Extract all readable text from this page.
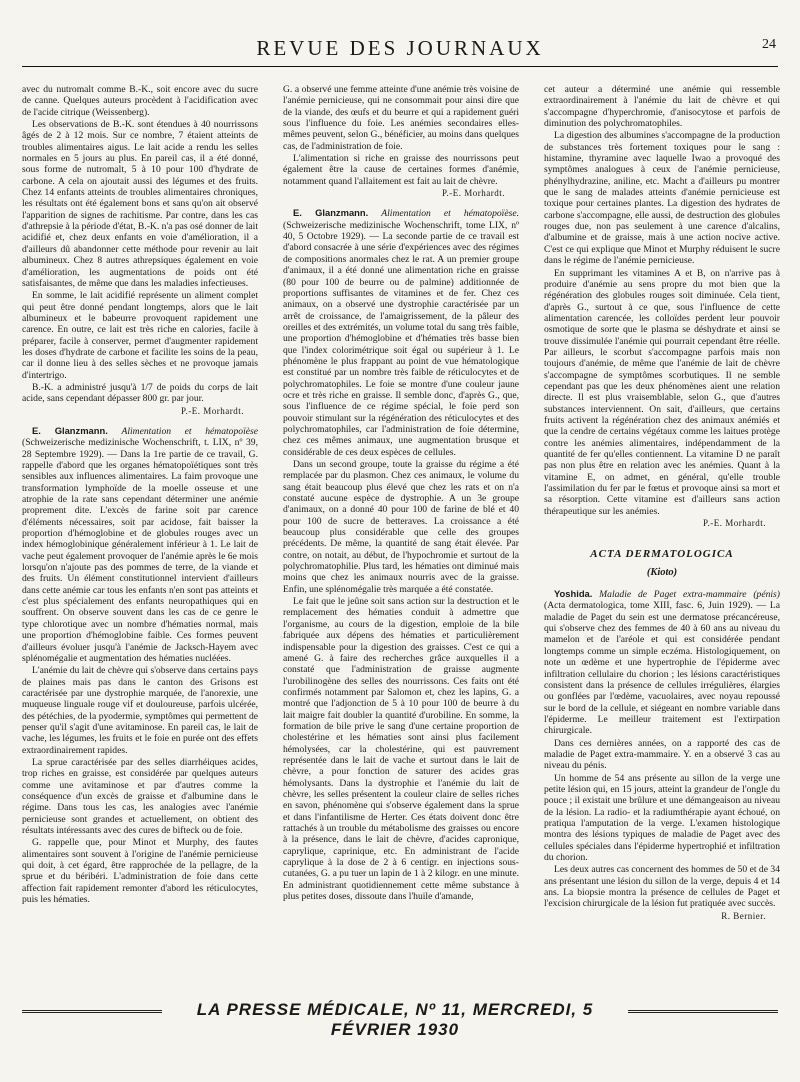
REVUE DES JOURNAUX	24

avec du nutromalt comme B.-K., soit encore avec du sucre de canne. Quelques auteurs procèdent à l'acidification avec de l'acide citrique (Weissenberg).

Les observations de B.-K. sont étendues à 40 nourrissons âgés de 2 à 12 mois. Sur ce nombre, 7 étaient atteints de troubles alimentaires aigus. Le lait acide a rendu les selles normales en 5 jours au plus. En pareil cas, il a été donné, sous forme de nutromalt, 5 à 10 pour 100 d'hydrate de carbone. A cela on ajoutait aussi des légumes et des fruits. Chez 14 enfants atteints de troubles alimentaires chroniques, les résultats ont été également bons et sans qu'on ait observé l'apparition de signes de rachitisme. Par contre, dans les cas d'athrepsie à la période d'état, B.-K. n'a pas osé donner de lait acidifié et, chez deux enfants en voie d'amélioration, il a d'ailleurs dû abandonner cette méthode pour revenir au lait albumineux. Chez 8 autres athrepsiques également en voie d'amélioration, les augmentations de poids ont été satisfaisantes, de même que dans les maladies infectieuses.

En somme, le lait acidifié représente un aliment complet qui peut être donné pendant longtemps, alors que le lait albumineux et le babeurre provoquent rapidement une carence. En outre, ce lait est très riche en calories, facile à préparer, facile à conserver, permet d'augmenter rapidement les doses d'hydrate de carbone et facilite les soins de la peau, car il donne lieu à des selles sèches et ne provoque jamais d'intertrigo.

B.-K. a administré jusqu'à 1/7 de poids du corps de lait acide, sans cependant dépasser 800 gr. par jour.

P.-E. Morhardt.

E. Glanzmann. Alimentation et hématopoïèse (Schweizerische medizinische Wochenschrift, t. LIX, nº 39, 28 Septembre 1929). — Dans la 1re partie de ce travail, G. rappelle d'abord que les organes hématopoïétiques sont très sensibles aux influences alimentaires. La faim provoque une transformation lymphoïde de la moelle osseuse et une atrophie de la rate sans cependant déterminer une anémie proprement dite. L'excès de farine soit par carence d'éléments nécessaires, soit par acidose, fait baisser la proportion d'hémoglobine et de globules rouges avec un index hémoglobinique généralement inférieur à 1. Le lait de vache peut également provoquer de l'anémie après le 6e mois lorsqu'on n'ajoute pas des pommes de terre, de la viande et des fruits. Un élément constitutionnel intervient d'ailleurs dans cette anémie car tous les enfants n'en sont pas atteints et c'est plus spécialement des enfants neuropathiques qui en souffrent. On observe souvent dans les cas de ce genre le type chlorotique avec un nombre d'hématies normal, mais une proportion d'hémoglobine faible. Ces formes peuvent d'ailleurs évoluer jusqu'à l'anémie de Jacksch-Hayem avec splénomégalie et augmentation des hématies nucléées.

L'anémie du lait de chèvre qui s'observe dans certains pays de plaines mais pas dans le canton des Grisons est caractérisée par une dystrophie marquée, de l'anorexie, une muqueuse linguale rouge vif et douloureuse, parfois ulcérée, des pétéchies, de la pyodermie, symptômes qui permettent de penser qu'il s'agit d'une avitaminose. En pareil cas, le lait de vache, les légumes, les fruits et le foie en purée ont des effets extraordinairement rapides.

La sprue caractérisée par des selles diarrhéiques acides, trop riches en graisse, est considérée par quelques auteurs comme une avitaminose et par d'autres comme la conséquence d'un excès de graisse et d'albumine dans le régime. Dans tous les cas, les analogies avec l'anémie pernicieuse sont grandes et actuellement, on obtient des résultats intéressants avec des cures de bifteck ou de foie.

G. rappelle que, pour Minot et Murphy, des fautes alimentaires sont souvent à l'origine de l'anémie pernicieuse qui doit, à cet égard, être rapprochée de la pellagre, de la sprue et du béribéri. L'administration de foie dans cette affection fait rapidement remonter d'abord les réticulocytes, puis les hématies.

G. a observé une femme atteinte d'une anémie très voisine de l'anémie pernicieuse, qui ne consommait pour ainsi dire que de la viande, des œufs et du beurre et qui a rapidement guéri sous l'influence du foie. Les anémies secondaires elles-mêmes peuvent, selon G., bénéficier, au moins dans quelques cas, de l'administration de foie.

L'alimentation si riche en graisse des nourrissons peut également être la cause de certaines formes d'anémie, notamment quand l'allaitement est fait au lait de chèvre.

P.-E. Morhardt.

E. Glanzmann. Alimentation et hématopoïèse. (Schweizerische medizinische Wochenschrift, tome LIX, nº 40, 5 Octobre 1929). — La seconde partie de ce travail est d'abord consacrée à une série d'expériences avec des régimes de compositions anormales chez le rat. A un premier groupe d'animaux, il a été donné une alimentation riche en graisse (80 pour 100 de beurre ou de palmine) additionnée de proportions suffisantes de vitamines et de fer. Chez ces animaux, on a observé une dystrophie caractérisée par un arrêt de croissance, de l'amaigrissement, de la pâleur des oreilles et des extrémités, un volume total du sang très faible, une proportion d'hémoglobine et d'hématies très basse bien que l'index colorimétrique soit égal ou supérieur à 1. Le phénomène le plus frappant au point de vue hématologique est constitué par un nombre très faible de réticulocytes et de polychromatophiles. Le foie se montre d'une couleur jaune ocre et très riche en graisse. Il semble donc, d'après G., que, sous l'influence de ce régime spécial, le foie perd son pouvoir stimulant sur la régénération des réticulocytes et des polychromatophiles, car l'administration de foie détermine, chez ces mêmes animaux, une augmentation brusque et considérable de ces deux espèces de cellules.

Dans un second groupe, toute la graisse du régime a été remplacée par du plasmon. Chez ces animaux, le volume du sang était beaucoup plus élevé que chez les rats et on n'a constaté aucune espèce de dystrophie. A un 3e groupe d'animaux, on a donné 40 pour 100 de farine de blé et 40 pour 100 de sucre de betteraves. La croissance a été beaucoup plus considérable que celle des groupes précédents. De même, la quantité de sang était élevée. Par contre, on notait, au début, de l'hypochromie et surtout de la polychromatophilie. Plus tard, les hématies ont diminué mais moins que chez les animaux nourris avec de la graisse. Enfin, une splénomégalie très marquée a été constatée.

Le fait que le jeûne soit sans action sur la destruction et le remplacement des hématies conduit à admettre que l'organisme, au cours de la digestion, emploie de la bile fabriquée aux dépens des hématies et particulièrement indispensable pour la digestion des graisses. C'est ce qui a amené G. à faire des recherches grâce auxquelles il a constaté que l'administration de graisse augmente l'urobilinogène des selles des nourrissons. Ces faits ont été confirmés notamment par Salomon et, chez les lapins, G. a montré que l'adjonction de 5 à 10 pour 100 de beurre à du lait maigre fait doubler la quantité d'urobiline. En somme, la formation de bile prive le sang d'une certaine proportion de cholestérine et les hématies sont ainsi plus facilement hémolysées, car la cholestérine, qui est pauvrement représentée dans le lait de vache et surtout dans le lait de chèvre, a pour fonction de saturer des acides gras hémolysants. Dans la dystrophie et l'anémie du lait de chèvre, les selles présentent la couleur claire de selles riches en savon, phénomène qui s'observe également dans la sprue et dans l'infantilisme de Herter. Ces états doivent donc être rattachés à un trouble du métabolisme des graisses ou encore à la présence, dans le lait de chèvre, d'acides capronique, caprylique, caprinique, etc. En administrant de l'acide caprylique à la dose de 2 à 6 centigr. en injections sous-cutanées, G. a pu tuer un lapin de 1 à 2 kilogr. en une minute. En administrant quotidiennement cette même substance à plus petites doses, dissoute dans l'huile d'amande,

cet auteur a déterminé une anémie qui ressemble extraordinairement à l'anémie du lait de chèvre et qui s'accompagne d'hyperchromie, d'anisocytose et parfois de diminution des polychromatophiles.

La digestion des albumines s'accompagne de la production de substances très fortement toxiques pour le sang : histamine, thyramine avec laquelle Iwao a provoqué des symptômes analogues à ceux de l'anémie pernicieuse, phénylhydrazine, aniline, etc. Macht a d'ailleurs pu montrer que le sang de malades atteints d'anémie pernicieuse est toxique pour certaines plantes. La digestion des hydrates de carbone s'accompagne, elle aussi, de destruction des globules rouges due, non pas seulement à une carence d'alcalins, d'albumine et de graisse, mais à une action nocive active. C'est ce qui explique que Minot et Murphy réduisent le sucre dans le régime de l'anémie pernicieuse.

En supprimant les vitamines A et B, on n'arrive pas à produire d'anémie au sens propre du mot bien que la régénération des globules rouges soit diminuée. Cela tient, d'après G., surtout à ce que, sous l'influence de cette alimentation carencée, les colloïdes perdent leur pouvoir osmotique de sorte que le plasma se déshydrate et ainsi se trouve dissimulée l'anémie qui pourrait cependant être réelle. Par ailleurs, le scorbut s'accompagne parfois mais non toujours d'anémie, de même que l'anémie de lait de chèvre s'accompagne de symptômes scorbutiques. Il ne semble cependant pas que les deux phénomènes aient une relation directe. Il est plus vraisemblable, selon G., que d'autres substances interviennent. On sait, d'ailleurs, que certains fruits activent la régénération chez des animaux anémiés et que la cendre de certains végétaux comme les laitues protège contre les anémies alimentaires, indépendamment de la quantité de fer qu'elles contiennent. La vitamine D ne paraît pas non plus être en relation avec les anémies. Quant à la vitamine E, on admet, en général, qu'elle trouble l'assimilation du fer par le fœtus et provoque ainsi sa mort et sa résorption. Cette vitamine est d'ailleurs sans action thérapeutique sur les anémies.

P.-E. Morhardt.

ACTA DERMATOLOGICA

(Kioto)

Yoshida. Maladie de Paget extra-mammaire (pénis) (Acta dermatologica, tome XIII, fasc. 6, Juin 1929). — La maladie de Paget du sein est une dermatose précancéreuse, qui s'observe chez des femmes de 40 à 60 ans au niveau du mamelon et de l'aréole et qui est considérée pendant longtemps comme un simple eczéma. Histologiquement, on note un œdème et une hypertrophie de l'épiderme avec infiltration cellulaire du chorion ; les lésions caractéristiques consistent dans la présence de cellules irrégulières, élargies ou gonflées par l'œdème, vacuolaires, avec noyau repoussé sur le bord de la cellule, et siégeant en nombre variable dans l'épiderme. Le meilleur traitement est l'extirpation chirurgicale.

Dans ces dernières années, on a rapporté des cas de maladie de Paget extra-mammaire. Y. en a observé 3 cas au niveau du pénis.

Un homme de 54 ans présente au sillon de la verge une petite lésion qui, en 15 jours, atteint la grandeur de l'ongle du pouce ; il existait une brûlure et une démangeaison au niveau de la lésion. La radio- et la radiumthérapie ayant échoué, on pratiqua l'amputation de la verge. L'examen histologique montra des lésions typiques de maladie de Paget avec des cellules spéciales dans l'épiderme hypertrophié et infiltration du chorion.

Les deux autres cas concernent des hommes de 50 et de 34 ans présentant une lésion du sillon de la verge, depuis 4 et 14 ans. La biopsie montra la présence de cellules de Paget et l'excision chirurgicale de la lésion fut pratiquée avec succès.

R. Bernier.

LA PRESSE MÉDICALE, Nº 11, MERCREDI, 5 FÉVRIER 1930
